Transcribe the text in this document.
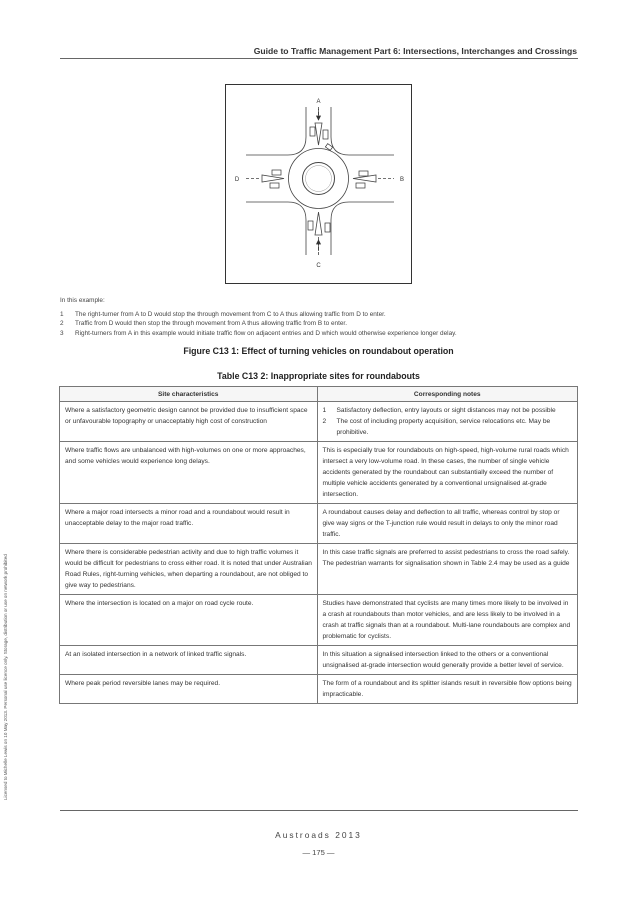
Guide to Traffic Management Part 6: Intersections, Interchanges and Crossings
A
B
C
D

In this example:

1	The right-turner from A to D would stop the through movement from C to A thus allowing traffic from D to enter.
2	Traffic from D would then stop the through movement from A thus allowing traffic from B to enter.
3	Right-turners from A in this example would initiate traffic flow on adjacent entries and D which would otherwise experience longer delay.
Figure C13 1: Effect of turning vehicles on roundabout operation
Table C13 2: Inappropriate sites for roundabouts
Site characteristics	Corresponding notes
Where a satisfactory geometric design cannot be provided due to insufficient space or unfavourable topography or unacceptably high cost of construction	1 Satisfactory deflection, entry layouts or sight distances may not be possible
2 The cost of including property acquisition, service relocations etc. May be prohibitive.

Where traffic flows are unbalanced with high-volumes on one or more approaches, and some vehicles would experience long delays.	This is especially true for roundabouts on high-speed, high-volume rural roads which intersect a very low-volume road. In these cases, the number of single vehicle accidents generated by the roundabout can substantially exceed the number of multiple vehicle accidents generated by a conventional unsignalised at-grade intersection.
Where a major road intersects a minor road and a roundabout would result in unacceptable delay to the major road traffic.	A roundabout causes delay and deflection to all traffic, whereas control by stop or give way signs or the T-junction rule would result in delays to only the minor road traffic.
Where there is considerable pedestrian activity and due to high traffic volumes it would be difficult for pedestrians to cross either road. It is noted that under Australian Road Rules, right-turning vehicles, when departing a roundabout, are not obliged to give way to pedestrians.	In this case traffic signals are preferred to assist pedestrians to cross the road safely. The pedestrian warrants for signalisation shown in Table 2.4 may be used as a guide
Where the intersection is located on a major on road cycle route.	Studies have demonstrated that cyclists are many times more likely to be involved in a crash at roundabouts than motor vehicles, and are less likely to be involved in a crash at traffic signals than at a roundabout. Multi-lane roundabouts are complex and problematic for cyclists.
At an isolated intersection in a network of linked traffic signals.	In this situation a signalised intersection linked to the others or a conventional unsignalised at-grade intersection would generally provide a better level of service.
Where peak period reversible lanes may be required.	The form of a roundabout and its splitter islands result in reversible flow options being impracticable.
Licensed to Michelle Lewis on 10 May 2013. Personal use licence only. Storage, distribution or use on network prohibited
Austroads 2013
— 175 —
